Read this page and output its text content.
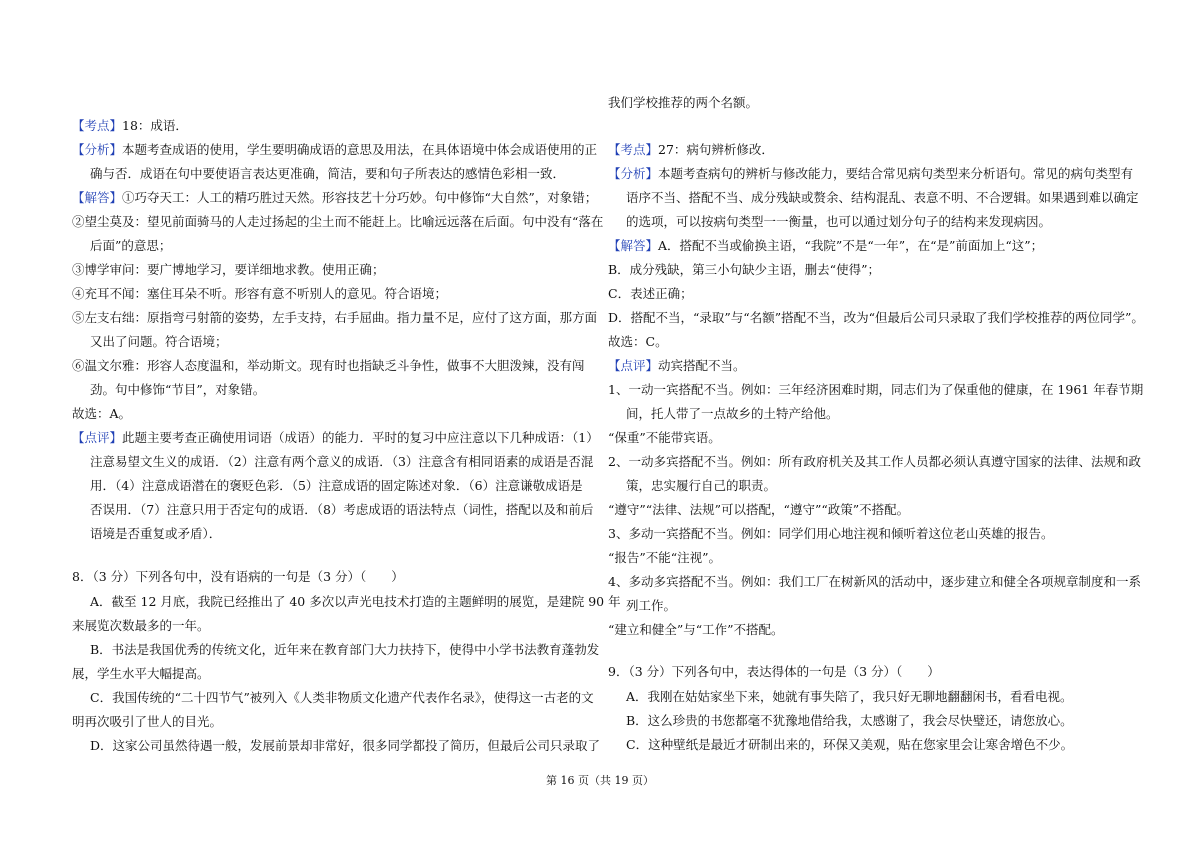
【考点】18：成语．
【分析】本题考查成语的使用，学生要明确成语的意思及用法，在具体语境中体会成语使用的正
确与否．成语在句中要使语言表达更准确，简洁，要和句子所表达的感情色彩相一致．
【解答】①巧夺天工：人工的精巧胜过天然。形容技艺十分巧妙。句中修饰“大自然”，对象错；
②望尘莫及：望见前面骑马的人走过扬起的尘土而不能赶上。比喻远远落在后面。句中没有“落在
后面”的意思；
③博学审问：要广博地学习，要详细地求教。使用正确；
④充耳不闻：塞住耳朵不听。形容有意不听别人的意见。符合语境；
⑤左支右绌：原指弯弓射箭的姿势，左手支持，右手屈曲。指力量不足，应付了这方面，那方面
又出了问题。符合语境；
⑥温文尔雅：形容人态度温和，举动斯文。现有时也指缺乏斗争性，做事不大胆泼辣，没有闯
劲。句中修饰“节目”，对象错。
故选：A。
【点评】此题主要考查正确使用词语（成语）的能力．平时的复习中应注意以下几种成语：（1）
注意易望文生义的成语．（2）注意有两个意义的成语．（3）注意含有相同语素的成语是否混
用．（4）注意成语潜在的褒贬色彩．（5）注意成语的固定陈述对象．（6）注意谦敬成语是
否误用．（7）注意只用于否定句的成语．（8）考虑成语的语法特点（词性，搭配以及和前后
语境是否重复或矛盾）．
8．（3 分）下列各句中，没有语病的一句是（3 分）（　　）
A．截至 12 月底，我院已经推出了 40 多次以声光电技术打造的主题鲜明的展览，是建院 90 年
来展览次数最多的一年。
B．书法是我国优秀的传统文化，近年来在教育部门大力扶持下，使得中小学书法教育蓬勃发
展，学生水平大幅提高。
C．我国传统的“二十四节气”被列入《人类非物质文化遗产代表作名录》，使得这一古老的文
明再次吸引了世人的目光。
D．这家公司虽然待遇一般，发展前景却非常好，很多同学都投了简历，但最后公司只录取了
我们学校推荐的两个名额。
【考点】27：病句辨析修改．
【分析】本题考查病句的辨析与修改能力，要结合常见病句类型来分析语句。常见的病句类型有
语序不当、搭配不当、成分残缺或赘余、结构混乱、表意不明、不合逻辑。如果遇到难以确定
的选项，可以按病句类型一一衡量，也可以通过划分句子的结构来发现病因。
【解答】A．搭配不当或偷换主语，“我院”不是“一年”，在“是”前面加上“这”；
B．成分残缺，第三小句缺少主语，删去“使得”；
C．表述正确；
D．搭配不当，“录取”与“名额”搭配不当，改为“但最后公司只录取了我们学校推荐的两位同学”。
故选：C。
【点评】动宾搭配不当。
1、一动一宾搭配不当。例如：三年经济困难时期，同志们为了保重他的健康，在 1961 年春节期
间，托人带了一点故乡的土特产给他。
“保重”不能带宾语。
2、一动多宾搭配不当。例如：所有政府机关及其工作人员都必须认真遵守国家的法律、法规和政
策，忠实履行自己的职责。
“遵守”“法律、法规”可以搭配，“遵守”“政策”不搭配。
3、多动一宾搭配不当。例如：同学们用心地注视和倾听着这位老山英雄的报告。
“报告”不能“注视”。
4、多动多宾搭配不当。例如：我们工厂在树新风的活动中，逐步建立和健全各项规章制度和一系
列工作。
“建立和健全”与“工作”不搭配。
9．（3 分）下列各句中，表达得体的一句是（3 分）（　　）
A．我刚在姑姑家坐下来，她就有事失陪了，我只好无聊地翻翻闲书，看看电视。
B．这么珍贵的书您都毫不犹豫地借给我，太感谢了，我会尽快璧还，请您放心。
C．这种壁纸是最近才研制出来的，环保又美观，贴在您家里会让寒舍增色不少。
第 16 页（共 19 页）
